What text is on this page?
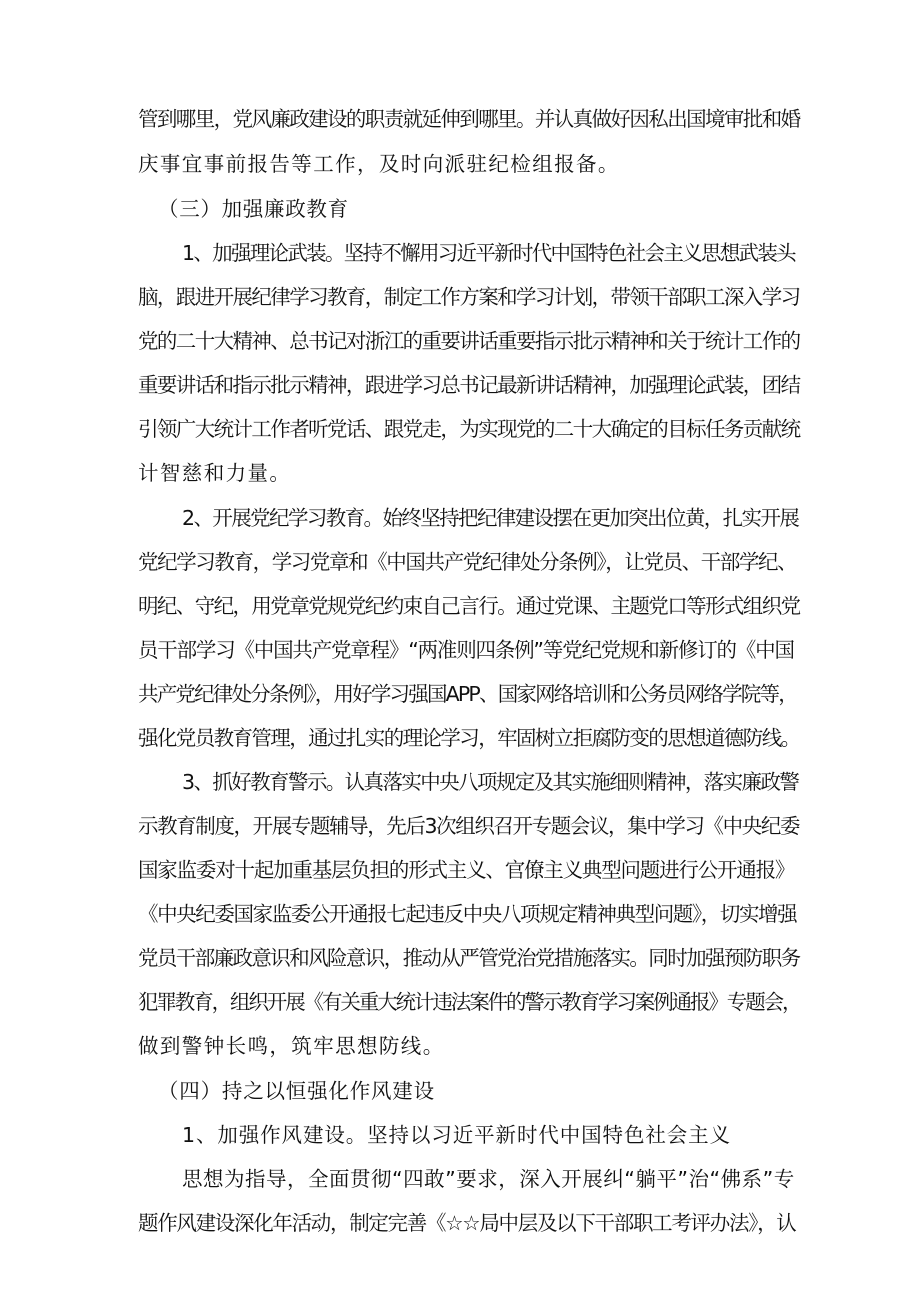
管到哪里，党风廉政建设的职责就延伸到哪里。并认真做好因私出国境审批和婚

庆事宜事前报告等工作，及时向派驻纪检组报备。

（三）加强廉政教育

1、加强理论武装。坚持不懈用习近平新时代中国特色社会主义思想武装头

脑，跟进开展纪律学习教育，制定工作方案和学习计划，带领干部职工深入学习

党的二十大精神、总书记对浙江的重要讲话重要指示批示精神和关于统计工作的

重要讲话和指示批示精神，跟进学习总书记最新讲话精神，加强理论武装，团结

引领广大统计工作者听党话、跟党走，为实现党的二十大确定的目标任务贡献统

计智慈和力量。

2、开展党纪学习教育。始终坚持把纪律建设摆在更加突出位黄，扎实开展

党纪学习教育，学习党章和《中国共产党纪律处分条例》，让党员、干部学纪、

明纪、守纪，用党章党规党纪约束自己言行。通过党课、主题党口等形式组织党

员干部学习《中国共产党章程》“两准则四条例”等党纪党规和新修订的《中国

共产党纪律处分条例》，用好学习强国APP、国家网络培训和公务员网络学院等，

强化党员教育管理，通过扎实的理论学习，牢固树立拒腐防变的思想道德防线。

3、抓好教育警示。认真落实中央八项规定及其实施细则精神，落实廉政警

示教育制度，开展专题辅导，先后3次组织召开专题会议，集中学习《中央纪委

国家监委对十起加重基层负担的形式主义、官僚主义典型问题进行公开通报》

《中央纪委国家监委公开通报七起违反中央八项规定精神典型问题》，切实增强

党员干部廉政意识和风险意识，推动从严管党治党措施落实。同时加强预防职务

犯罪教育，组织开展《有关重大统计违法案件的警示教育学习案例通报》专题会，

做到警钟长鸣，筑牢思想防线。

（四）持之以恒强化作风建设

1、加强作风建设。坚持以习近平新时代中国特色社会主义

思想为指导，全面贯彻“四敢”要求，深入开展纠“躺平”治“佛系”专

题作风建设深化年活动，制定完善《☆☆局中层及以下干部职工考评办法》，认
